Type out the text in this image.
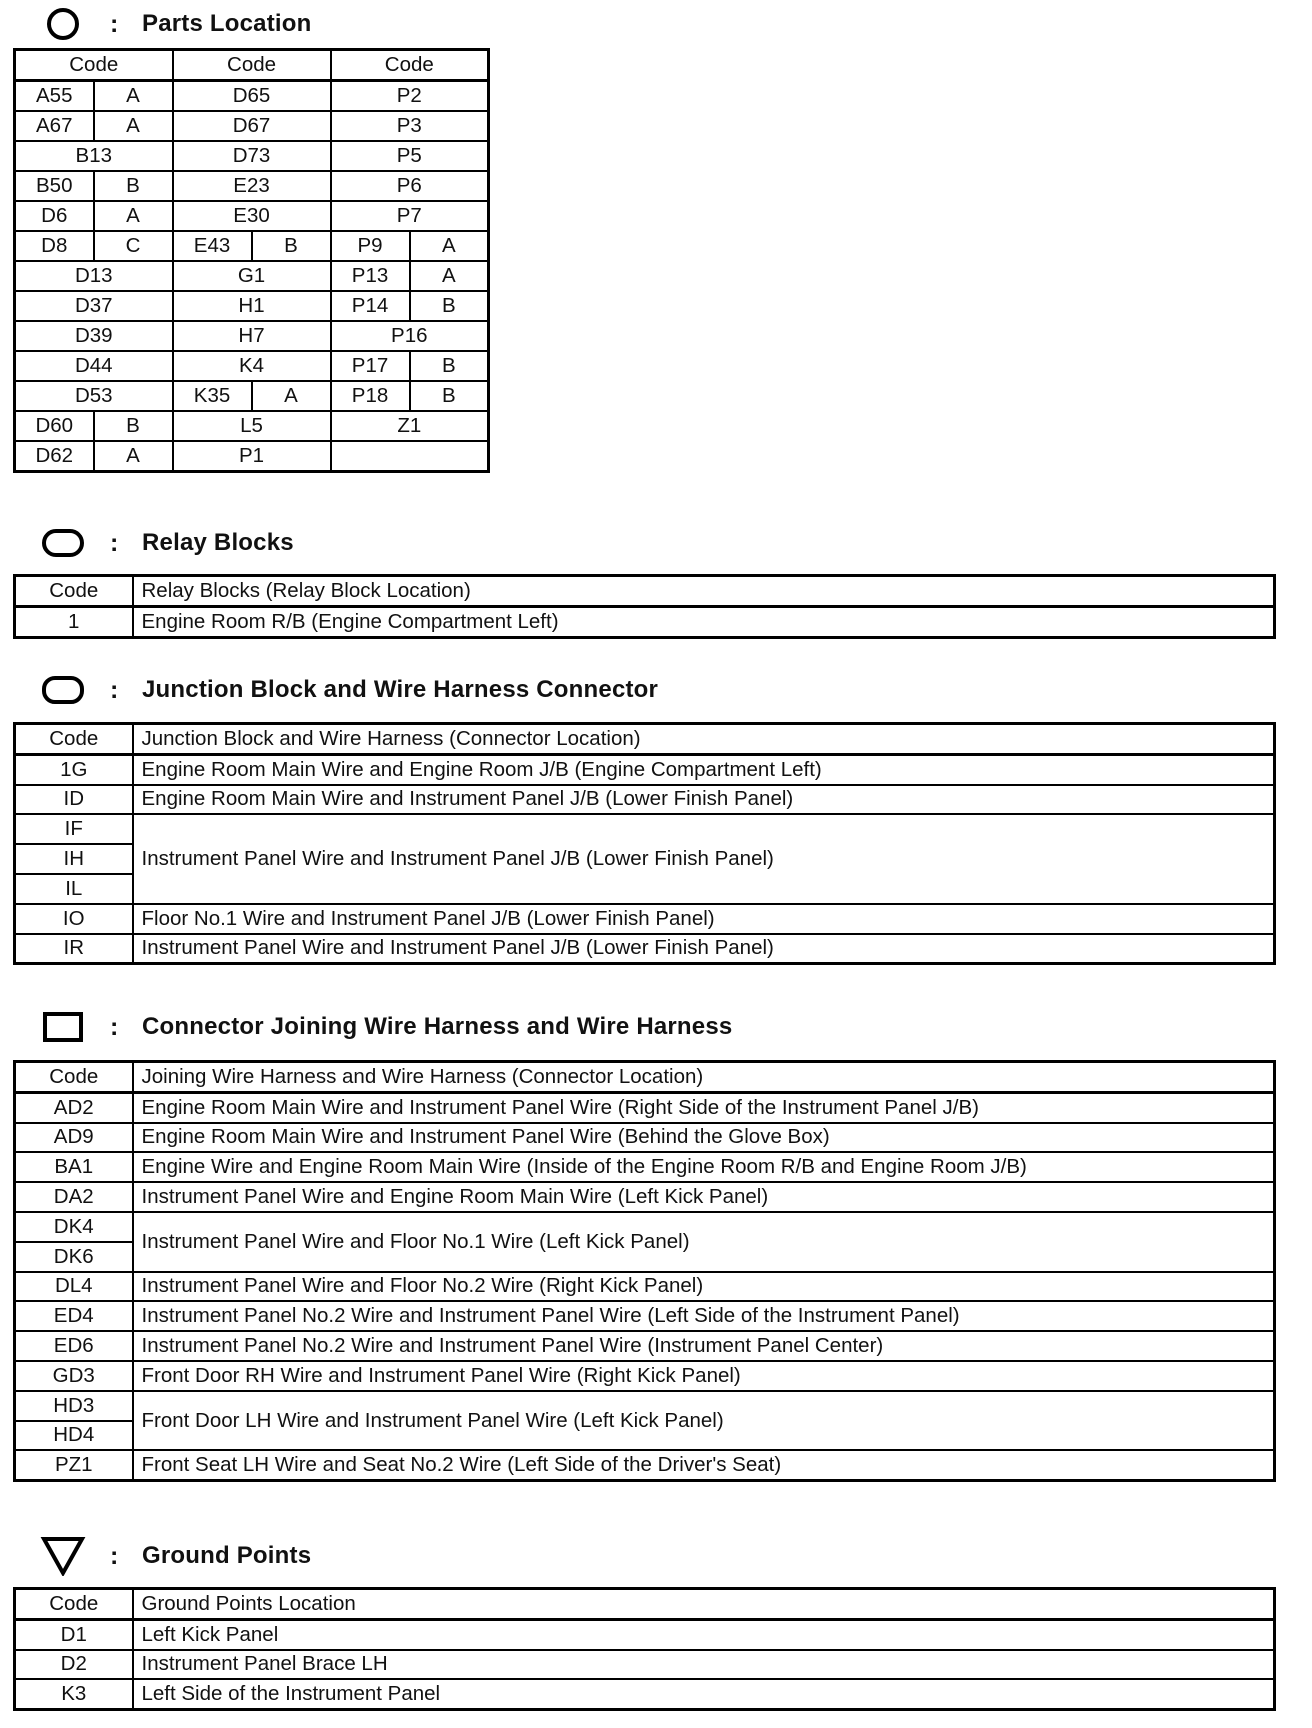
: Parts Location
Code		Code		Code	
A55	A	D65		P2	
A67	A	D67		P3	
B13		D73		P5	
B50	B	E23		P6	
D6	A	E30		P7	
D8	C	E43	B	P9	A
D13		G1		P13	A
D37		H1		P14	B
D39		H7		P16	
D44		K4		P17	B
D53		K35	A	P18	B
D60	B	L5		Z1	
D62	A	P1			
: Relay Blocks
Code	Relay Blocks (Relay Block Location)
1	Engine Room R/B (Engine Compartment Left)
: Junction Block and Wire Harness Connector
Code	Junction Block and Wire Harness (Connector Location)
1G	Engine Room Main Wire and Engine Room J/B (Engine Compartment Left)
ID	Engine Room Main Wire and Instrument Panel J/B (Lower Finish Panel)
IF	Instrument Panel Wire and Instrument Panel J/B (Lower Finish Panel)
IH	
IL	
IO	Floor No.1 Wire and Instrument Panel J/B (Lower Finish Panel)
IR	Instrument Panel Wire and Instrument Panel J/B (Lower Finish Panel)
: Connector Joining Wire Harness and Wire Harness
Code	Joining Wire Harness and Wire Harness (Connector Location)
AD2	Engine Room Main Wire and Instrument Panel Wire (Right Side of the Instrument Panel J/B)
AD9	Engine Room Main Wire and Instrument Panel Wire (Behind the Glove Box)
BA1	Engine Wire and Engine Room Main Wire (Inside of the Engine Room R/B and Engine Room J/B)
DA2	Instrument Panel Wire and Engine Room Main Wire (Left Kick Panel)
DK4	Instrument Panel Wire and Floor No.1 Wire (Left Kick Panel)
DK6	
DL4	Instrument Panel Wire and Floor No.2 Wire (Right Kick Panel)
ED4	Instrument Panel No.2 Wire and Instrument Panel Wire (Left Side of the Instrument Panel)
ED6	Instrument Panel No.2 Wire and Instrument Panel Wire (Instrument Panel Center)
GD3	Front Door RH Wire and Instrument Panel Wire (Right Kick Panel)
HD3	Front Door LH Wire and Instrument Panel Wire (Left Kick Panel)
HD4	
PZ1	Front Seat LH Wire and Seat No.2 Wire (Left Side of the Driver's Seat)
: Ground Points
Code	Ground Points Location
D1	Left Kick Panel
D2	Instrument Panel Brace LH
K3	Left Side of the Instrument Panel
